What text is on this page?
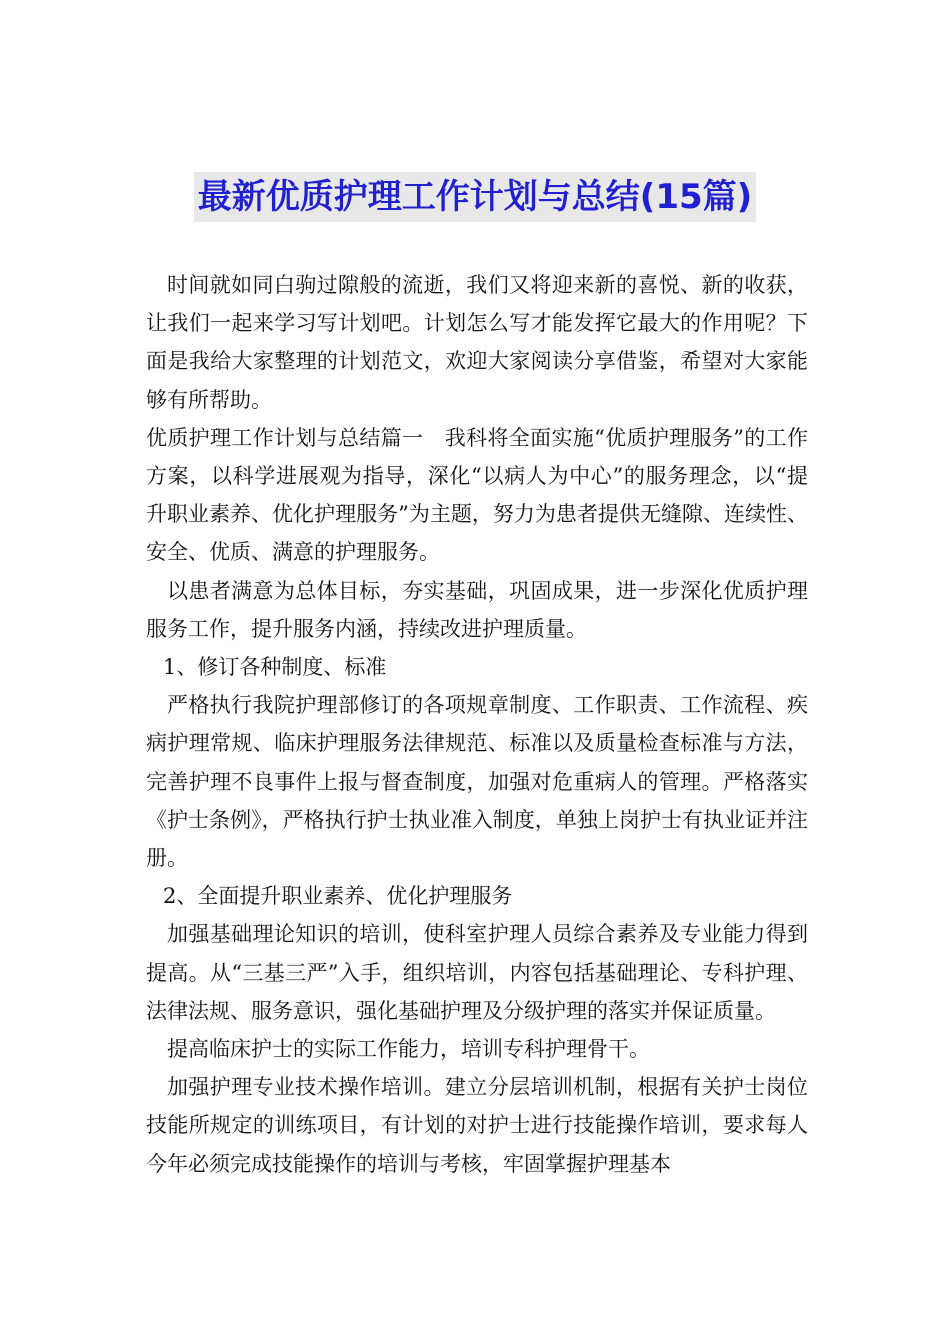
最新优质护理工作计划与总结(15篇)

时间就如同白驹过隙般的流逝，我们又将迎来新的喜悦、新的收获，让我们一起来学习写计划吧。计划怎么写才能发挥它最大的作用呢？下面是我给大家整理的计划范文，欢迎大家阅读分享借鉴，希望对大家能够有所帮助。

优质护理工作计划与总结篇一　我科将全面实施“优质护理服务”的工作方案，以科学进展观为指导，深化“以病人为中心”的服务理念，以“提升职业素养、优化护理服务”为主题，努力为患者提供无缝隙、连续性、安全、优质、满意的护理服务。

以患者满意为总体目标，夯实基础，巩固成果，进一步深化优质护理服务工作，提升服务内涵，持续改进护理质量。

1、修订各种制度、标准

严格执行我院护理部修订的各项规章制度、工作职责、工作流程、疾病护理常规、临床护理服务法律规范、标准以及质量检查标准与方法，完善护理不良事件上报与督查制度，加强对危重病人的管理。严格落实《护士条例》，严格执行护士执业准入制度，单独上岗护士有执业证并注册。

2、全面提升职业素养、优化护理服务

加强基础理论知识的培训，使科室护理人员综合素养及专业能力得到提高。从“三基三严”入手，组织培训，内容包括基础理论、专科护理、法律法规、服务意识，强化基础护理及分级护理的落实并保证质量。

提高临床护士的实际工作能力，培训专科护理骨干。

加强护理专业技术操作培训。建立分层培训机制，根据有关护士岗位技能所规定的训练项目，有计划的对护士进行技能操作培训，要求每人今年必须完成技能操作的培训与考核，牢固掌握护理基本
